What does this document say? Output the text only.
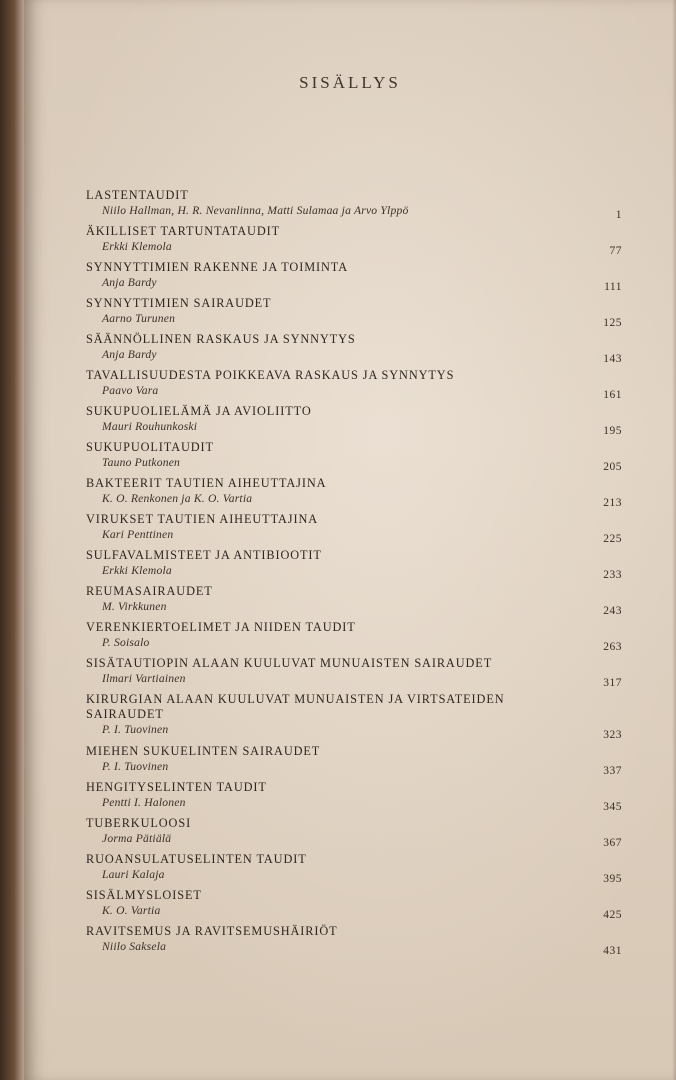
SISÄLLYS
LASTENTAUDIT
Niilo Hallman, H. R. Nevanlinna, Matti Sulamaa ja Arvo Ylppö	1
ÄKILLISET TARTUNTATAUDIT
Erkki Klemola	77
SYNNYTTIMIEN RAKENNE JA TOIMINTA
Anja Bardy	111
SYNNYTTIMIEN SAIRAUDET
Aarno Turunen	125
SÄÄNNÖLLINEN RASKAUS JA SYNNYTYS
Anja Bardy	143
TAVALLISUUDESTA POIKKEAVA RASKAUS JA SYNNYTYS
Paavo Vara	161
SUKUPUOLIELÄMÄ JA AVIOLIITTO
Mauri Rouhunkoski	195
SUKUPUOLITAUDIT
Tauno Putkonen	205
BAKTEERIT TAUTIEN AIHEUTTAJINA
K. O. Renkonen ja K. O. Vartia	213
VIRUKSET TAUTIEN AIHEUTTAJINA
Kari Penttinen	225
SULFAVALMISTEET JA ANTIBIOOTIT
Erkki Klemola	233
REUMASAIRAUDET
M. Virkkunen	243
VERENKIERTOELIMET JA NIIDEN TAUDIT
P. Soisalo	263
SISÄTAUTIOPIN ALAAN KUULUVAT MUNUAISTEN SAIRAUDET
Ilmari Vartiainen	317
KIRURGIAN ALAAN KUULUVAT MUNUAISTEN JA VIRTSATEIDEN SAIRAUDET
P. I. Tuovinen	323
MIEHEN SUKUELINTEN SAIRAUDET
P. I. Tuovinen	337
HENGITYSELINTEN TAUDIT
Pentti I. Halonen	345
TUBERKULOOSI
Jorma Pätiälä	367
RUOANSULATUSELINTEN TAUDIT
Lauri Kalaja	395
SISÄLMYSLOISET
K. O. Vartia	425
RAVITSEMUS JA RAVITSEMUSHÄIRIÖT
Niilo Saksela	431
